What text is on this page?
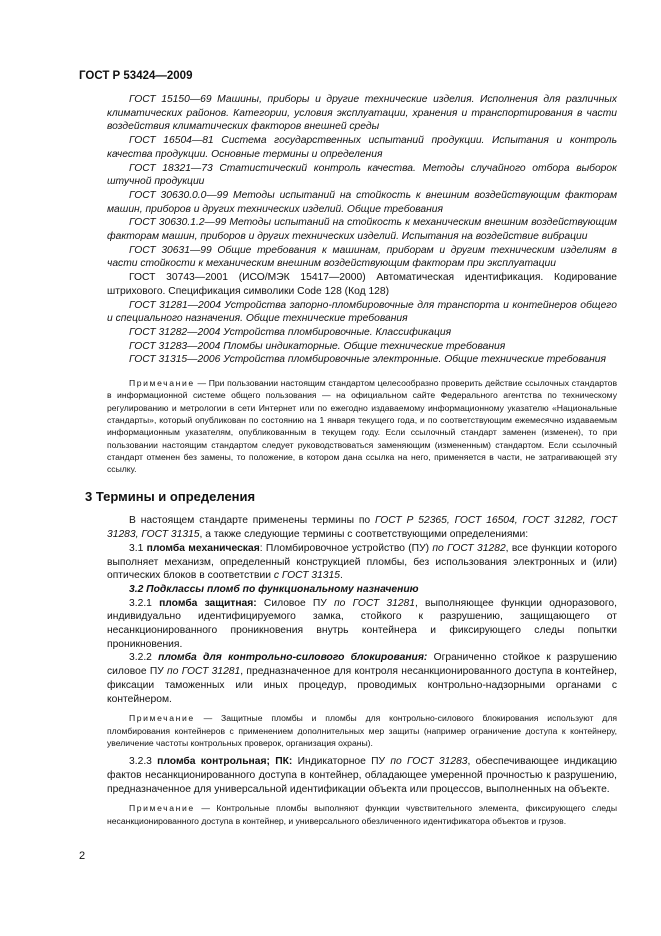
ГОСТ Р 53424—2009

ГОСТ 15150—69 Машины, приборы и другие технические изделия. Исполнения для различных климатических районов. Категории, условия эксплуатации, хранения и транспортирования в части воздействия климатических факторов внешней среды

ГОСТ 16504—81 Система государственных испытаний продукции. Испытания и контроль качества продукции. Основные термины и определения

ГОСТ 18321—73 Статистический контроль качества. Методы случайного отбора выборок штучной продукции

ГОСТ 30630.0.0—99 Методы испытаний на стойкость к внешним воздействующим факторам машин, приборов и других технических изделий. Общие требования

ГОСТ 30630.1.2—99 Методы испытаний на стойкость к механическим внешним воздействующим факторам машин, приборов и других технических изделий. Испытания на воздействие вибрации

ГОСТ 30631—99 Общие требования к машинам, приборам и другим техническим изделиям в части стойкости к механическим внешним воздействующим факторам при эксплуатации

ГОСТ 30743—2001 (ИСО/МЭК 15417—2000) Автоматическая идентификация. Кодирование штрихового. Спецификация символики Code 128 (Код 128)

ГОСТ 31281—2004 Устройства запорно-пломбировочные для транспорта и контейнеров общего и специального назначения. Общие технические требования

ГОСТ 31282—2004 Устройства пломбировочные. Классификация

ГОСТ 31283—2004 Пломбы индикаторные. Общие технические требования

ГОСТ 31315—2006 Устройства пломбировочные электронные. Общие технические требования

Примечание — При пользовании настоящим стандартом целесообразно проверить действие ссылочных стандартов в информационной системе общего пользования — на официальном сайте Федерального агентства по техническому регулированию и метрологии в сети Интернет или по ежегодно издаваемому информационному указателю «Национальные стандарты», который опубликован по состоянию на 1 января текущего года, и по соответствующим ежемесячно издаваемым информационным указателям, опубликованным в текущем году. Если ссылочный стандарт заменен (изменен), то при пользовании настоящим стандартом следует руководствоваться заменяющим (измененным) стандартом. Если ссылочный стандарт отменен без замены, то положение, в котором дана ссылка на него, применяется в части, не затрагивающей эту ссылку.

3 Термины и определения

В настоящем стандарте применены термины по ГОСТ Р 52365, ГОСТ 16504, ГОСТ 31282, ГОСТ 31283, ГОСТ 31315, а также следующие термины с соответствующими определениями:

3.1 пломба механическая: Пломбировочное устройство (ПУ) по ГОСТ 31282, все функции которого выполняет механизм, определенный конструкцией пломбы, без использования электронных и (или) оптических блоков в соответствии с ГОСТ 31315.

3.2 Подклассы пломб по функциональному назначению

3.2.1 пломба защитная: Силовое ПУ по ГОСТ 31281, выполняющее функции одноразового, индивидуально идентифицируемого замка, стойкого к разрушению, защищающего от несанкционированного проникновения внутрь контейнера и фиксирующего следы попытки проникновения.

3.2.2 пломба для контрольно-силового блокирования: Ограниченно стойкое к разрушению силовое ПУ по ГОСТ 31281, предназначенное для контроля несанкционированного доступа в контейнер, фиксации таможенных или иных процедур, проводимых контрольно-надзорными органами с контейнером.

Примечание — Защитные пломбы и пломбы для контрольно-силового блокирования используют для пломбирования контейнеров с применением дополнительных мер защиты (например ограничение доступа к контейнеру, увеличение частоты контрольных проверок, организация охраны).

3.2.3 пломба контрольная; ПК: Индикаторное ПУ по ГОСТ 31283, обеспечивающее индикацию фактов несанкционированного доступа в контейнер, обладающее умеренной прочностью к разрушению, предназначенное для универсальной идентификации объекта или процессов, выполненных на объекте.

Примечание — Контрольные пломбы выполняют функции чувствительного элемента, фиксирующего следы несанкционированного доступа в контейнер, и универсального обезличенного идентификатора объектов и грузов.

2
